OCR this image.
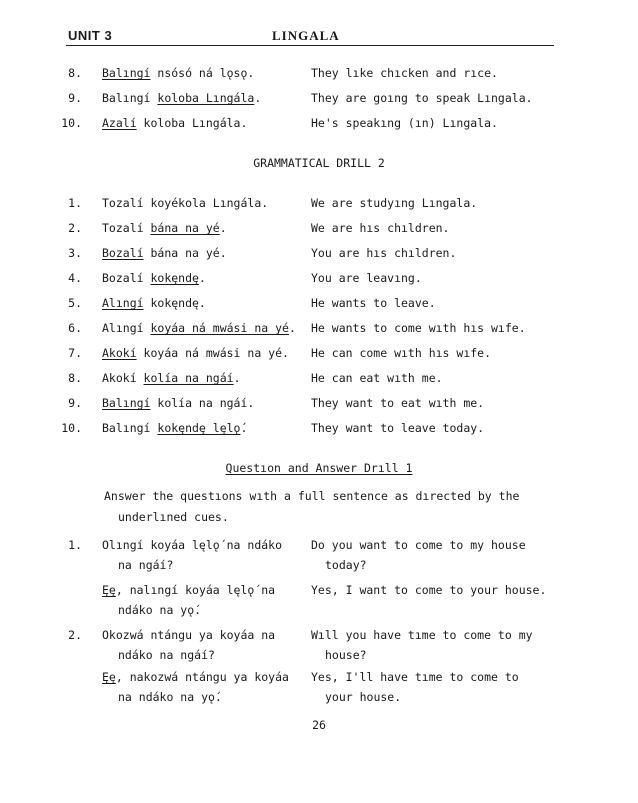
UNIT 3	LINGALA
8. Balıngí nsósó ná lǫsǫ.	They lıke chıcken and rıce.
9. Balıngí koloba Lıngála.	They are goıng to speak Lıngala.
10. Azalí koloba Lıngála.	He's speakıng (ın) Lıngala.
GRAMMATICAL DRILL 2
1. Tozalí koyékola Lıngála.	We are studyıng Lıngala.
2. Tozalí bána na yé.	We are hıs chıldren.
3. Bozalí bána na yé.	You are hıs chıldren.
4. Bozalí kokęndę.	You are leavıng.
5. Alıngí kokęndę.	He wants to leave.
6. Alıngí koyáa ná mwási na yé. He wants to come wıth hıs wıfe.
7. Akokí koyáa ná mwási na yé. He can come wıth hıs wıfe.
8. Akokí kolía na ngáí.	He can eat wıth me.
9. Balıngí kolía na ngáí.	They want to eat wıth me.
10. Balıngí kokęndę lęlǫ́.	They want to leave today.
Questıon and Answer Drıll 1
Answer the questıons wıth a full sentence as dırected by the
underlıned cues.
1. Olıngí koyáa lęlǫ́ na ndáko	Do you want to come to my house
na ngáí?	today?
Ęę, nalıngí koyáa lęlǫ́ na	Yes, I want to come to your house.
ndáko na yǫ́.
2. Okozwá ntángu ya koyáa na	Wıll you have tıme to come to my
ndáko na ngáí?	house?
Ęę, nakozwá ntángu ya koyáa Yes, I'll have tıme to come to
na ndáko na yǫ́.	your house.
26
